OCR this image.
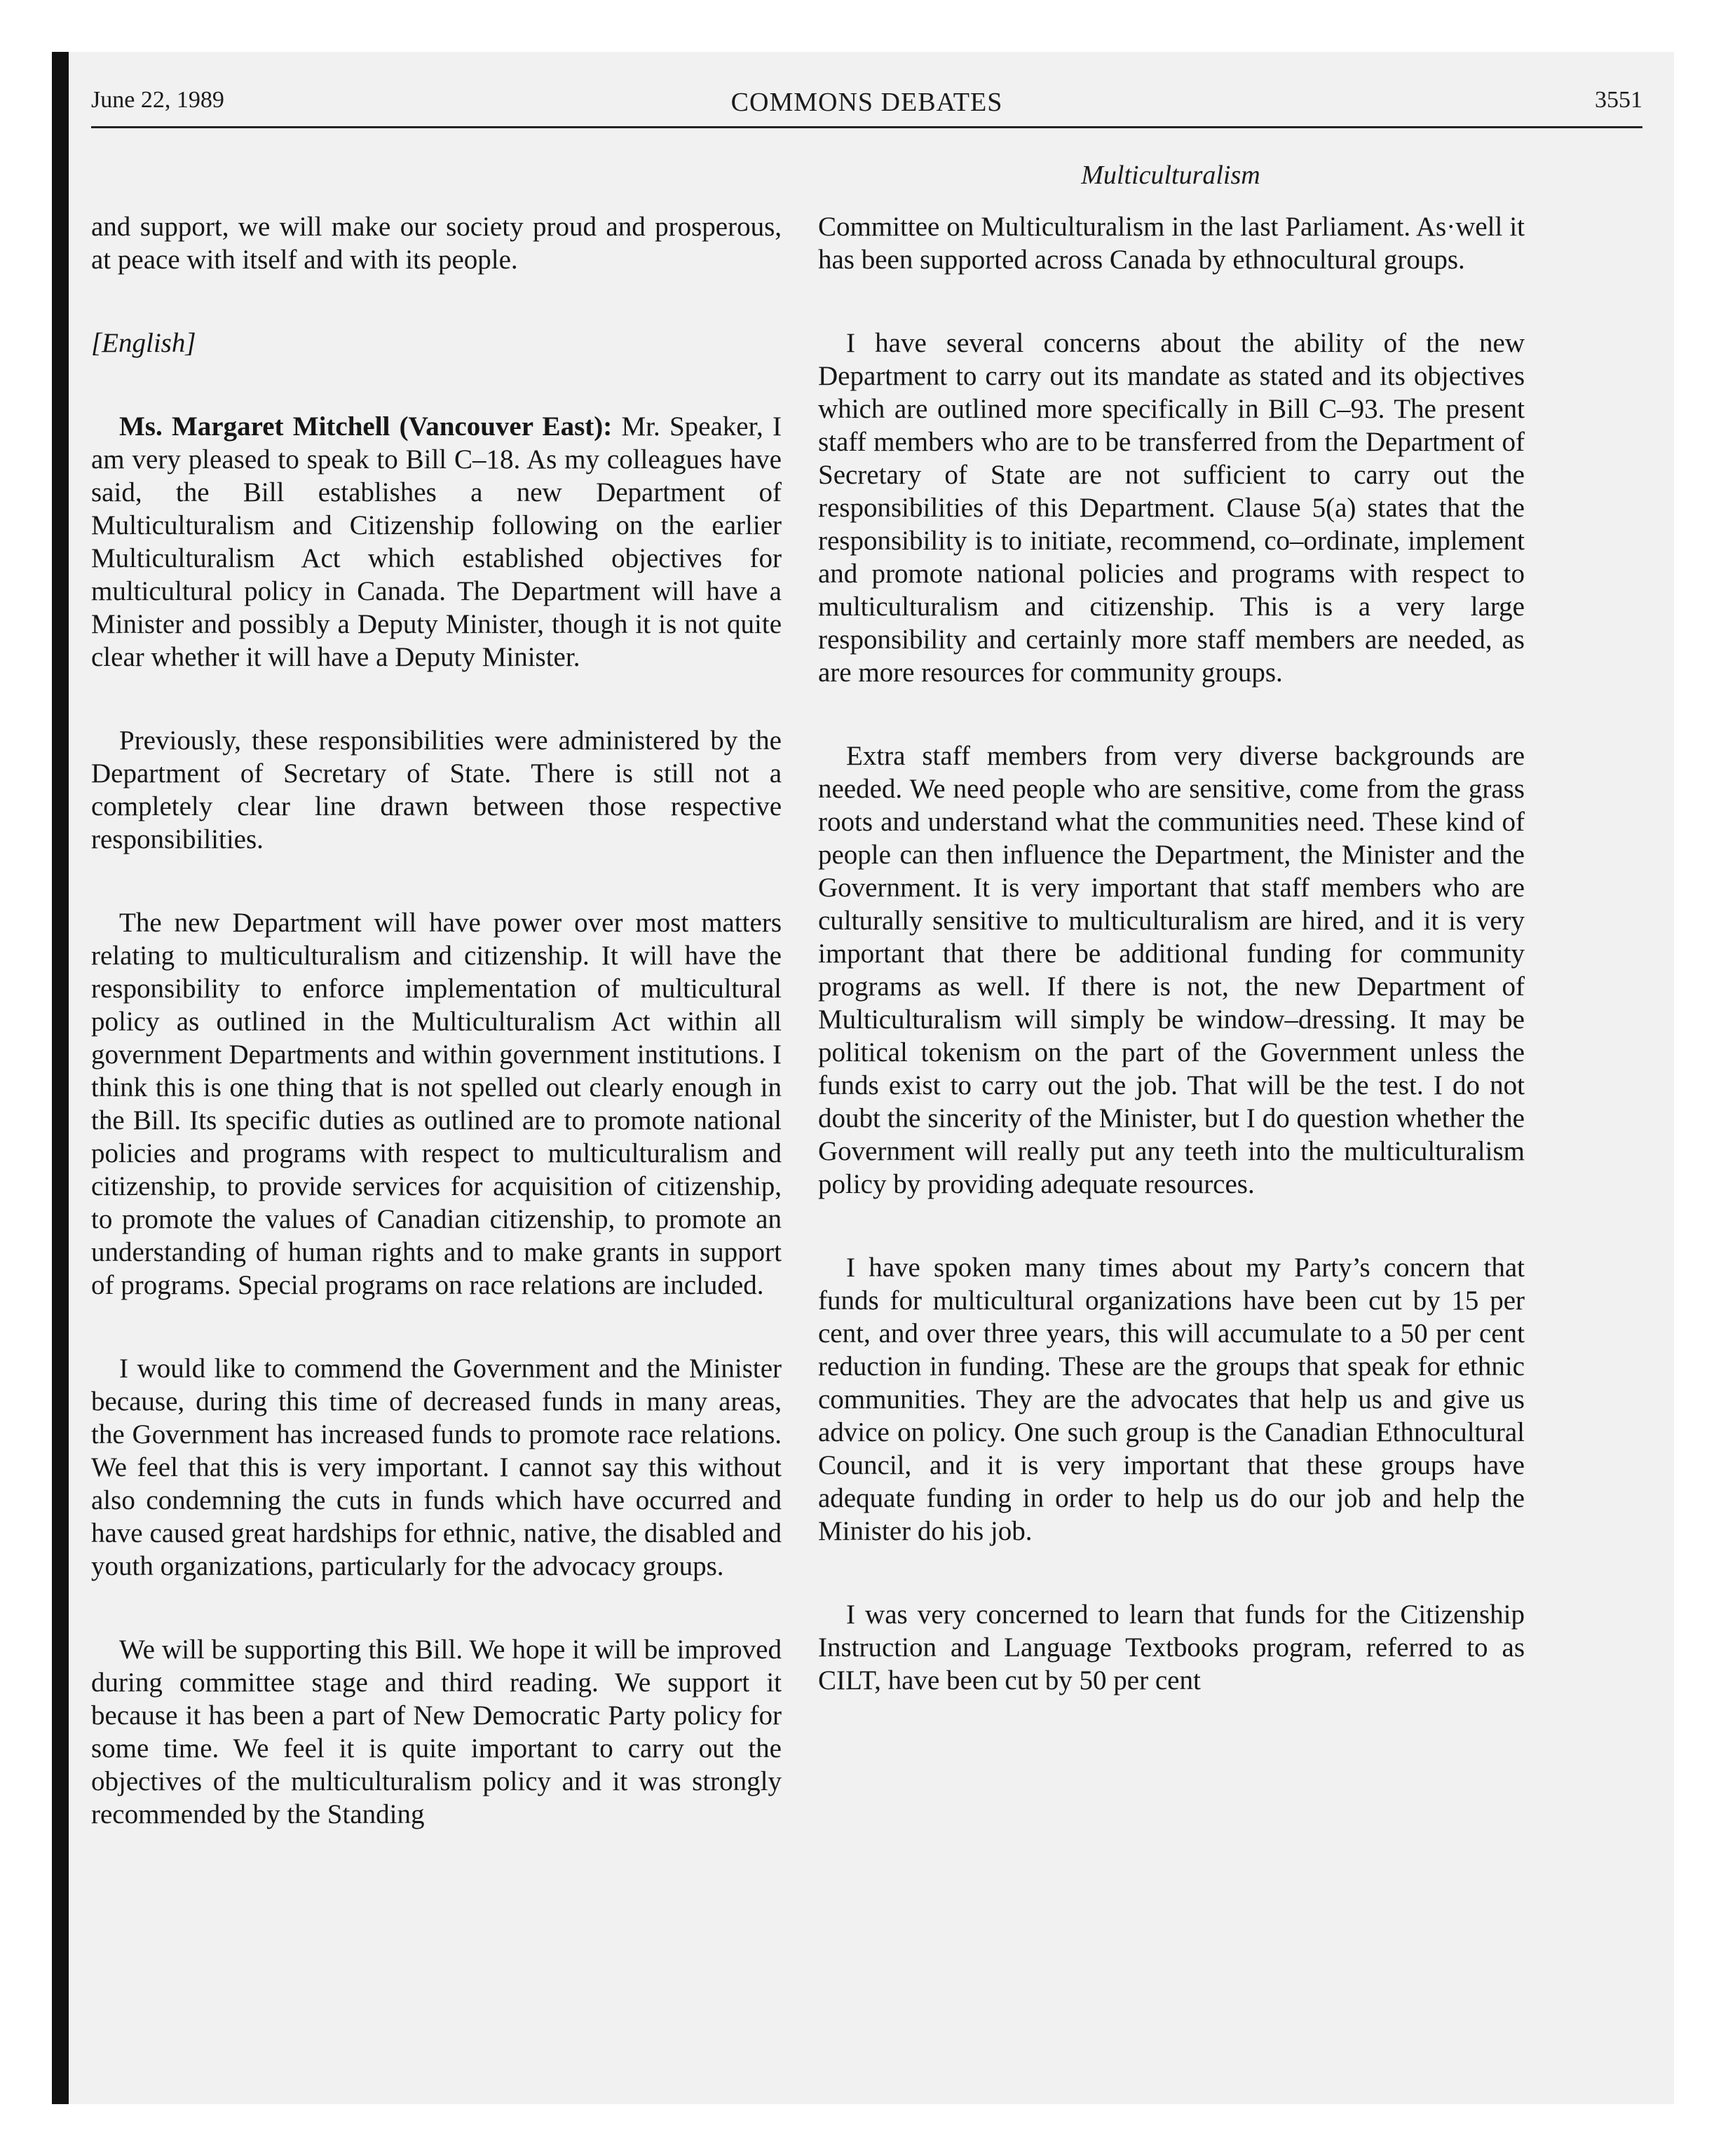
June 22, 1989	COMMONS DEBATES	3551
Multiculturalism

and support, we will make our society proud and prosperous, at peace with itself and with its people.

[English]

Ms. Margaret Mitchell (Vancouver East): Mr. Speaker, I am very pleased to speak to Bill C–18. As my colleagues have said, the Bill establishes a new Department of Multiculturalism and Citizenship following on the earlier Multiculturalism Act which established objectives for multicultural policy in Canada. The Department will have a Minister and possibly a Deputy Minister, though it is not quite clear whether it will have a Deputy Minister.

Previously, these responsibilities were administered by the Department of Secretary of State. There is still not a completely clear line drawn between those respective responsibilities.

The new Department will have power over most matters relating to multiculturalism and citizenship. It will have the responsibility to enforce implementation of multicultural policy as outlined in the Multiculturalism Act within all government Departments and within government institutions. I think this is one thing that is not spelled out clearly enough in the Bill. Its specific duties as outlined are to promote national policies and programs with respect to multiculturalism and citizenship, to provide services for acquisition of citizenship, to promote the values of Canadian citizenship, to promote an understanding of human rights and to make grants in support of programs. Special programs on race relations are included.

I would like to commend the Government and the Minister because, during this time of decreased funds in many areas, the Government has increased funds to promote race relations. We feel that this is very important. I cannot say this without also condemning the cuts in funds which have occurred and have caused great hardships for ethnic, native, the disabled and youth organizations, particularly for the advocacy groups.

We will be supporting this Bill. We hope it will be improved during committee stage and third reading. We support it because it has been a part of New Democratic Party policy for some time. We feel it is quite important to carry out the objectives of the multiculturalism policy and it was strongly recommended by the Standing

Committee on Multiculturalism in the last Parliament. As·well it has been supported across Canada by ethnocultural groups.

I have several concerns about the ability of the new Department to carry out its mandate as stated and its objectives which are outlined more specifically in Bill C–93. The present staff members who are to be transferred from the Department of Secretary of State are not sufficient to carry out the responsibilities of this Department. Clause 5(a) states that the responsibility is to initiate, recommend, co–ordinate, implement and promote national policies and programs with respect to multiculturalism and citizenship. This is a very large responsibility and certainly more staff members are needed, as are more resources for community groups.

Extra staff members from very diverse backgrounds are needed. We need people who are sensitive, come from the grass roots and understand what the communities need. These kind of people can then influence the Department, the Minister and the Government. It is very important that staff members who are culturally sensitive to multiculturalism are hired, and it is very important that there be additional funding for community programs as well. If there is not, the new Department of Multiculturalism will simply be window–dressing. It may be political tokenism on the part of the Government unless the funds exist to carry out the job. That will be the test. I do not doubt the sincerity of the Minister, but I do question whether the Government will really put any teeth into the multiculturalism policy by providing adequate resources.

I have spoken many times about my Party’s concern that funds for multicultural organizations have been cut by 15 per cent, and over three years, this will accumulate to a 50 per cent reduction in funding. These are the groups that speak for ethnic communities. They are the advocates that help us and give us advice on policy. One such group is the Canadian Ethnocultural Council, and it is very important that these groups have adequate funding in order to help us do our job and help the Minister do his job.

I was very concerned to learn that funds for the Citizenship Instruction and Language Textbooks program, referred to as CILT, have been cut by 50 per cent
